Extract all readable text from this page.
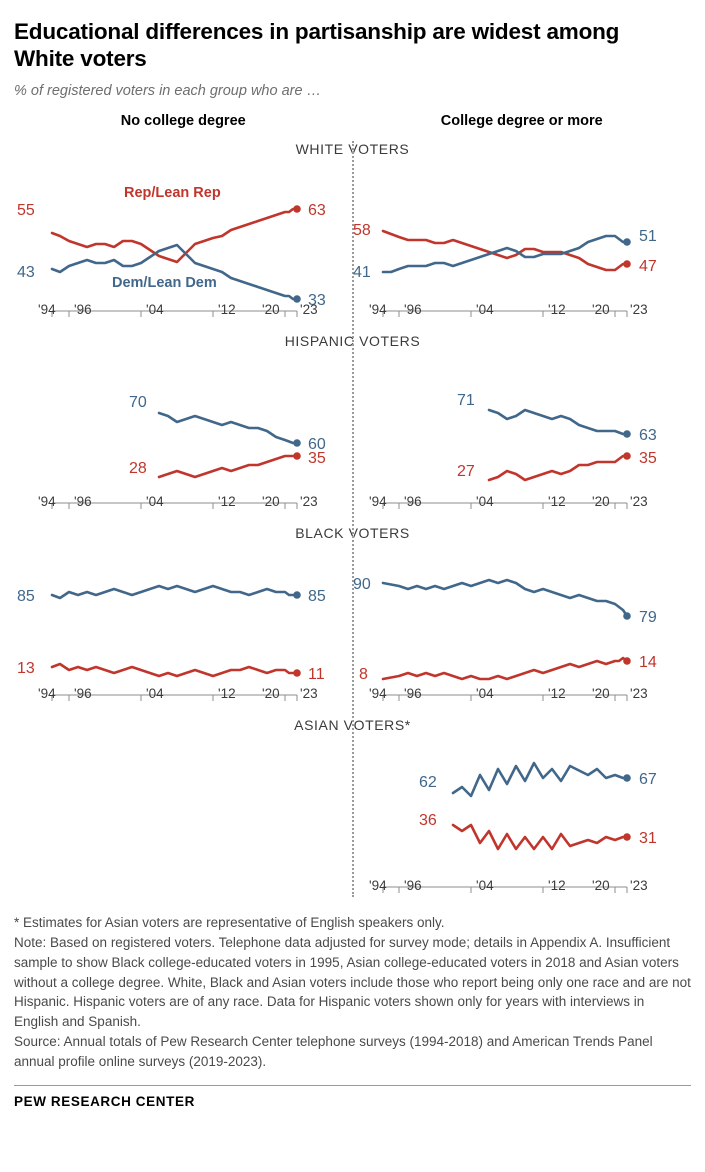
Educational differences in partisanship are widest among White voters
% of registered voters in each group who are …
No college degree	College degree or more
WHITE VOTERS
Rep/Lean Rep
Dem/Lean Dem
63
55
33
43
'94 '96	'04	'12 '20 '23
47
58	51
41
'94 '96	'04	'12 '20 '23
HISPANIC VOTERS
60
70
35
28
'94 '96	'04	'12 '20 '23
63
71
35
27
'94 '96	'04	'12 '20 '23
BLACK VOTERS
85
85
11
13
'94 '96	'04	'12 '20 '23
79
90
14
8
'94 '96	'04	'12 '20 '23
ASIAN VOTERS*
67
62
31
36
'94 '96	'04	'12 '20 '23

* Estimates for Asian voters are representative of English speakers only.

Note: Based on registered voters. Telephone data adjusted for survey mode; details in Appendix A. Insufficient sample to show Black college-educated voters in 1995, Asian college-educated voters in 2018 and Asian voters without a college degree. White, Black and Asian voters include those who report being only one race and are not Hispanic. Hispanic voters are of any race. Data for Hispanic voters shown only for years with interviews in English and Spanish.

Source: Annual totals of Pew Research Center telephone surveys (1994-2018) and American Trends Panel annual profile online surveys (2019-2023).

PEW RESEARCH CENTER
